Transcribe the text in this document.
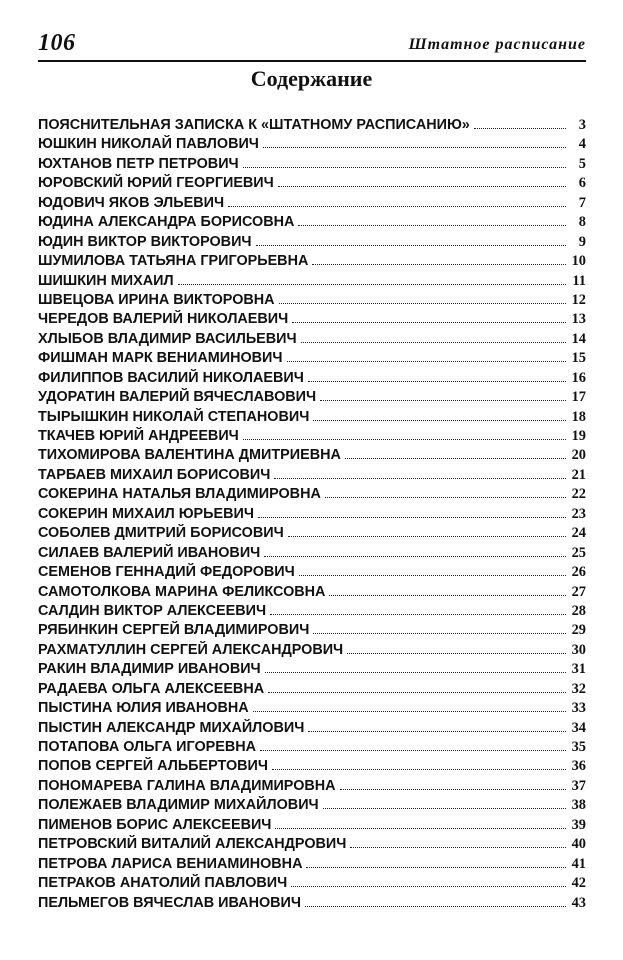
106	Штатное расписание
Содержание
ПОЯСНИТЕЛЬНАЯ ЗАПИСКА К «ШТАТНОМУ РАСПИСАНИЮ»	3
ЮШКИН НИКОЛАЙ ПАВЛОВИЧ	4
ЮХТАНОВ ПЕТР ПЕТРОВИЧ	5
ЮРОВСКИЙ ЮРИЙ ГЕОРГИЕВИЧ	6
ЮДОВИЧ ЯКОВ ЭЛЬЕВИЧ	7
ЮДИНА АЛЕКСАНДРА БОРИСОВНА	8
ЮДИН ВИКТОР ВИКТОРОВИЧ	9
ШУМИЛОВА ТАТЬЯНА ГРИГОРЬЕВНА	10
ШИШКИН МИХАИЛ	11
ШВЕЦОВА ИРИНА ВИКТОРОВНА	12
ЧЕРЕДОВ ВАЛЕРИЙ НИКОЛАЕВИЧ	13
ХЛЫБОВ ВЛАДИМИР ВАСИЛЬЕВИЧ	14
ФИШМАН МАРК ВЕНИАМИНОВИЧ	15
ФИЛИППОВ ВАСИЛИЙ НИКОЛАЕВИЧ	16
УДОРАТИН ВАЛЕРИЙ ВЯЧЕСЛАВОВИЧ	17
ТЫРЫШКИН НИКОЛАЙ СТЕПАНОВИЧ	18
ТКАЧЕВ ЮРИЙ АНДРЕЕВИЧ	19
ТИХОМИРОВА ВАЛЕНТИНА ДМИТРИЕВНА	20
ТАРБАЕВ МИХАИЛ БОРИСОВИЧ	21
СОКЕРИНА НАТАЛЬЯ ВЛАДИМИРОВНА	22
СОКЕРИН МИХАИЛ ЮРЬЕВИЧ	23
СОБОЛЕВ ДМИТРИЙ БОРИСОВИЧ	24
СИЛАЕВ ВАЛЕРИЙ ИВАНОВИЧ	25
СЕМЕНОВ ГЕННАДИЙ ФЕДОРОВИЧ	26
САМОТОЛКОВА МАРИНА ФЕЛИКСОВНА	27
САЛДИН ВИКТОР АЛЕКСЕЕВИЧ	28
РЯБИНКИН СЕРГЕЙ ВЛАДИМИРОВИЧ	29
РАХМАТУЛЛИН СЕРГЕЙ АЛЕКСАНДРОВИЧ	30
РАКИН ВЛАДИМИР ИВАНОВИЧ	31
РАДАЕВА ОЛЬГА АЛЕКСЕЕВНА	32
ПЫСТИНА ЮЛИЯ ИВАНОВНА	33
ПЫСТИН АЛЕКСАНДР МИХАЙЛОВИЧ	34
ПОТАПОВА ОЛЬГА ИГОРЕВНА	35
ПОПОВ СЕРГЕЙ АЛЬБЕРТОВИЧ	36
ПОНОМАРЕВА ГАЛИНА ВЛАДИМИРОВНА	37
ПОЛЕЖАЕВ ВЛАДИМИР МИХАЙЛОВИЧ	38
ПИМЕНОВ БОРИС АЛЕКСЕЕВИЧ	39
ПЕТРОВСКИЙ ВИТАЛИЙ АЛЕКСАНДРОВИЧ	40
ПЕТРОВА ЛАРИСА ВЕНИАМИНОВНА	41
ПЕТРАКОВ АНАТОЛИЙ ПАВЛОВИЧ	42
ПЕЛЬМЕГОВ ВЯЧЕСЛАВ ИВАНОВИЧ	43
